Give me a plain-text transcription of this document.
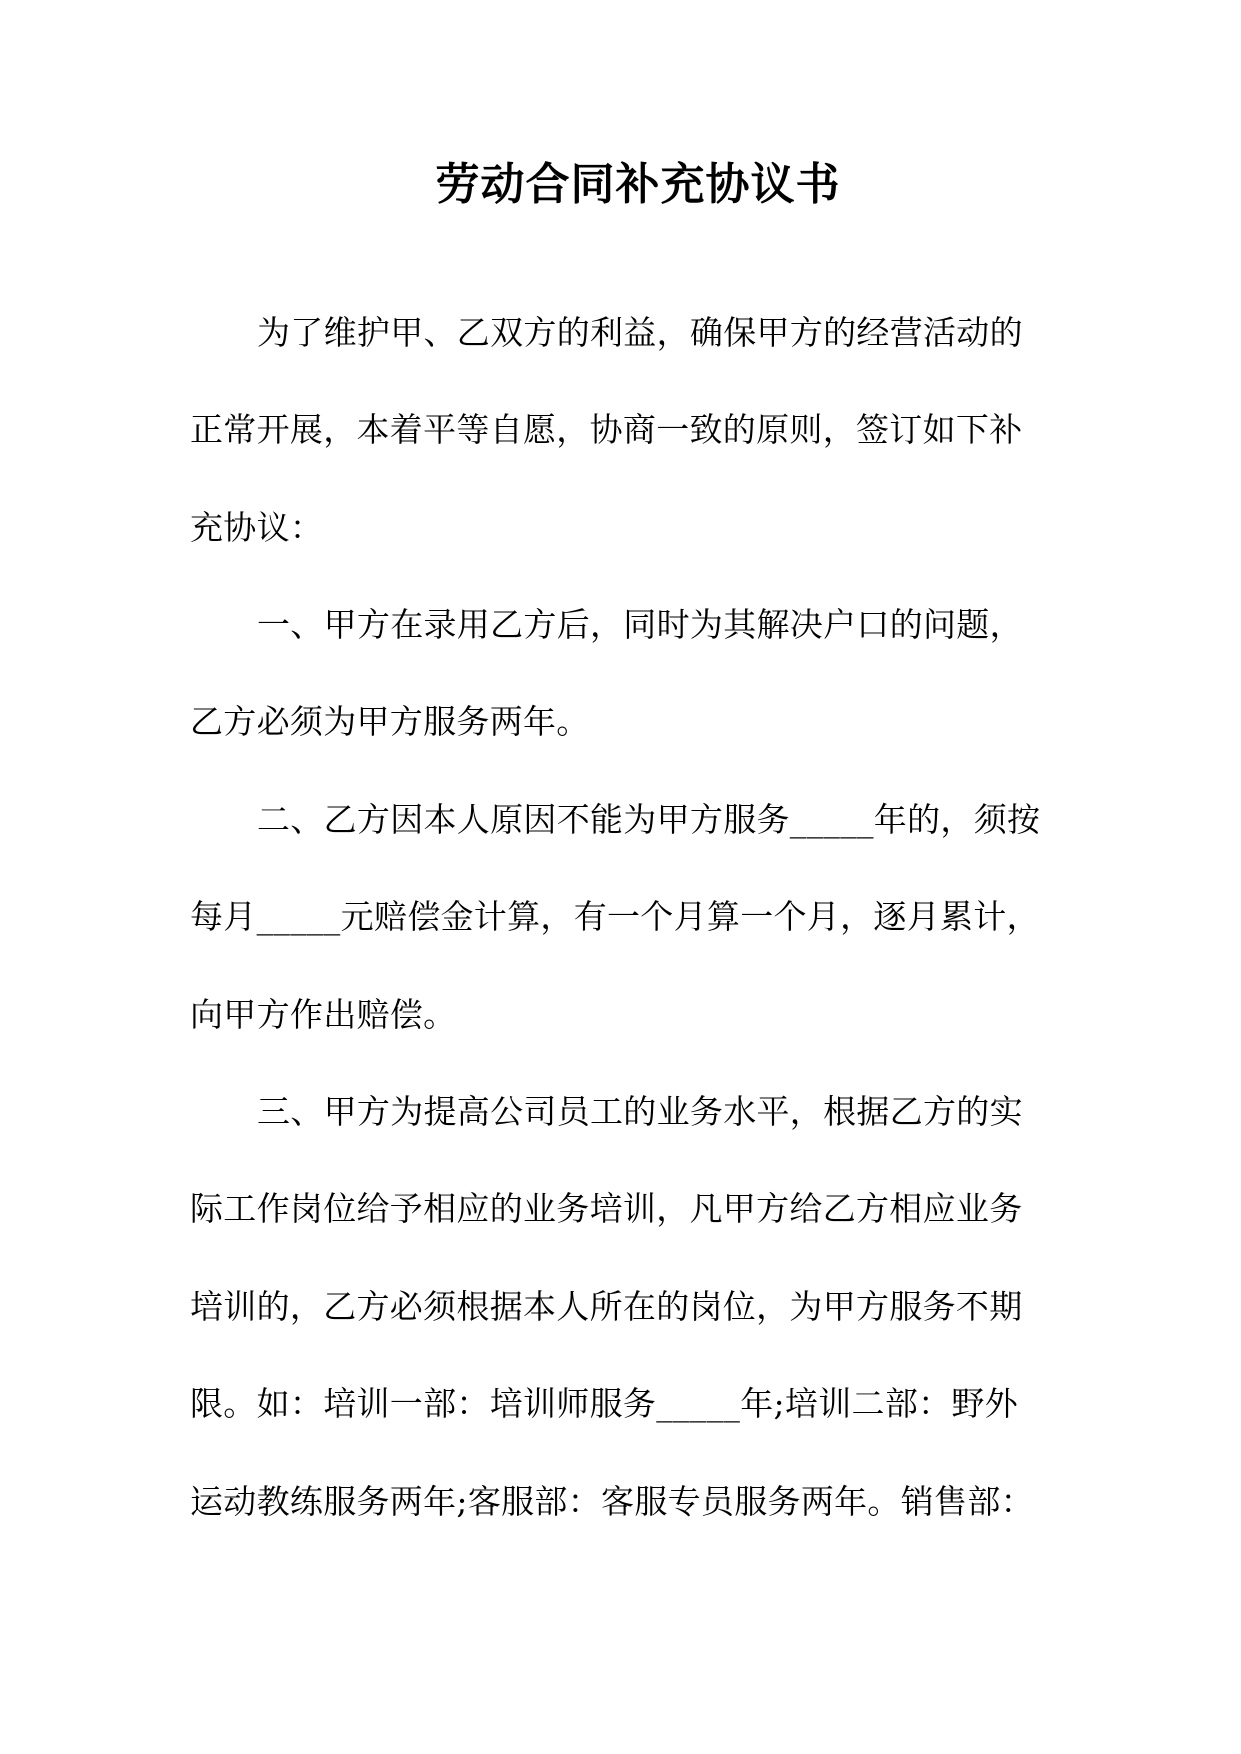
劳动合同补充协议书
为了维护甲、乙双方的利益，确保甲方的经营活动的
正常开展，本着平等自愿，协商一致的原则，签订如下补
充协议：
一、甲方在录用乙方后，同时为其解决户口的问题，
乙方必须为甲方服务两年。
二、乙方因本人原因不能为甲方服务_____年的，须按
每月_____元赔偿金计算，有一个月算一个月，逐月累计，
向甲方作出赔偿。
三、甲方为提高公司员工的业务水平，根据乙方的实
际工作岗位给予相应的业务培训，凡甲方给乙方相应业务
培训的，乙方必须根据本人所在的岗位，为甲方服务不期
限。如：培训一部：培训师服务_____年;培训二部：野外
运动教练服务两年;客服部：客服专员服务两年。销售部：
